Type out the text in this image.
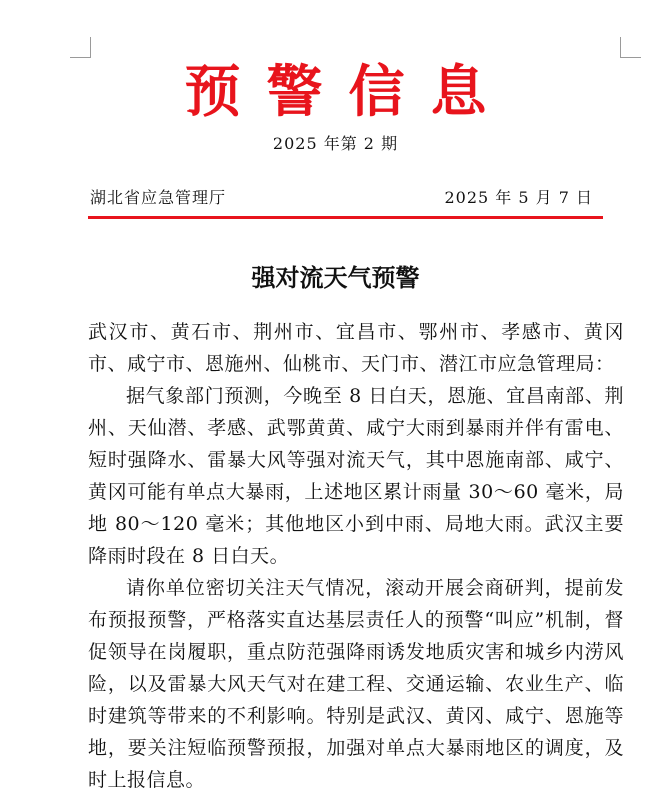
预警信息
2025 年第 2 期
湖北省应急管理厅	2025 年 5 月 7 日
强对流天气预警

武汉市、黄石市、荆州市、宜昌市、鄂州市、孝感市、黄冈市、咸宁市、恩施州、仙桃市、天门市、潜江市应急管理局：

据气象部门预测，今晚至 8 日白天，恩施、宜昌南部、荆州、天仙潜、孝感、武鄂黄黄、咸宁大雨到暴雨并伴有雷电、短时强降水、雷暴大风等强对流天气，其中恩施南部、咸宁、黄冈可能有单点大暴雨，上述地区累计雨量 30～60 毫米，局地 80～120 毫米；其他地区小到中雨、局地大雨。武汉主要降雨时段在 8 日白天。

请你单位密切关注天气情况，滚动开展会商研判，提前发布预报预警，严格落实直达基层责任人的预警“叫应”机制，督促领导在岗履职，重点防范强降雨诱发地质灾害和城乡内涝风险，以及雷暴大风天气对在建工程、交通运输、农业生产、临时建筑等带来的不利影响。特别是武汉、黄冈、咸宁、恩施等地，要关注短临预警预报，加强对单点大暴雨地区的调度，及时上报信息。
